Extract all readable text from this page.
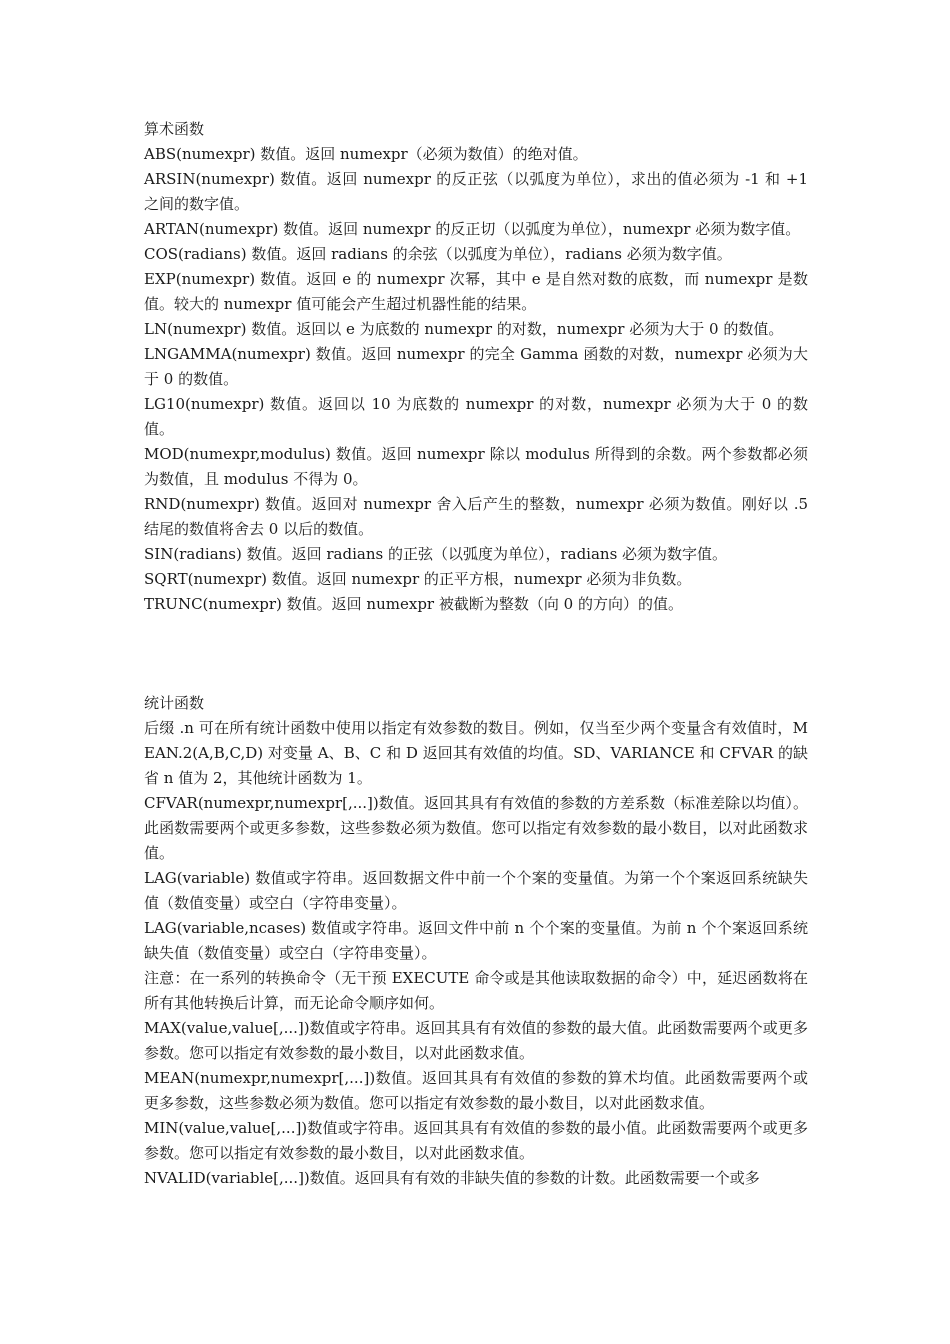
算术函数

ABS(numexpr) 数值。返回 numexpr（必须为数值）的绝对值。

ARSIN(numexpr) 数值。返回 numexpr 的反正弦（以弧度为单位），求出的值必须为 -1 和 +1 之间的数字值。

ARTAN(numexpr) 数值。返回 numexpr 的反正切（以弧度为单位），numexpr 必须为数字值。

COS(radians) 数值。返回 radians 的余弦（以弧度为单位），radians 必须为数字值。

EXP(numexpr) 数值。返回 e 的 numexpr 次幂，其中 e 是自然对数的底数，而 numexpr 是数值。较大的 numexpr 值可能会产生超过机器性能的结果。

LN(numexpr) 数值。返回以 e 为底数的 numexpr 的对数，numexpr 必须为大于 0 的数值。

LNGAMMA(numexpr) 数值。返回 numexpr 的完全 Gamma 函数的对数，numexpr 必须为大于 0 的数值。

LG10(numexpr) 数值。返回以 10 为底数的 numexpr 的对数，numexpr 必须为大于 0 的数值。

MOD(numexpr,modulus) 数值。返回 numexpr 除以 modulus 所得到的余数。两个参数都必须为数值，且 modulus 不得为 0。

RND(numexpr) 数值。返回对 numexpr 舍入后产生的整数，numexpr 必须为数值。刚好以 .5 结尾的数值将舍去 0 以后的数值。

SIN(radians) 数值。返回 radians 的正弦（以弧度为单位），radians 必须为数字值。

SQRT(numexpr) 数值。返回 numexpr 的正平方根，numexpr 必须为非负数。

TRUNC(numexpr) 数值。返回 numexpr 被截断为整数（向 0 的方向）的值。

统计函数

后缀 .n 可在所有统计函数中使用以指定有效参数的数目。例如，仅当至少两个变量含有效值时，MEAN.2(A,B,C,D) 对变量 A、B、C 和 D 返回其有效值的均值。SD、VARIANCE 和 CFVAR 的缺省 n 值为 2，其他统计函数为 1。

CFVAR(numexpr,numexpr[,...])数值。返回其具有有效值的参数的方差系数（标准差除以均值）。此函数需要两个或更多参数，这些参数必须为数值。您可以指定有效参数的最小数目，以对此函数求值。

LAG(variable) 数值或字符串。返回数据文件中前一个个案的变量值。为第一个个案返回系统缺失值（数值变量）或空白（字符串变量）。

LAG(variable,ncases) 数值或字符串。返回文件中前 n 个个案的变量值。为前 n 个个案返回系统缺失值（数值变量）或空白（字符串变量）。

注意：在一系列的转换命令（无干预 EXECUTE 命令或是其他读取数据的命令）中，延迟函数将在所有其他转换后计算，而无论命令顺序如何。

MAX(value,value[,...])数值或字符串。返回其具有有效值的参数的最大值。此函数需要两个或更多参数。您可以指定有效参数的最小数目，以对此函数求值。

MEAN(numexpr,numexpr[,...])数值。返回其具有有效值的参数的算术均值。此函数需要两个或更多参数，这些参数必须为数值。您可以指定有效参数的最小数目，以对此函数求值。

MIN(value,value[,...])数值或字符串。返回其具有有效值的参数的最小值。此函数需要两个或更多参数。您可以指定有效参数的最小数目，以对此函数求值。

NVALID(variable[,...])数值。返回具有有效的非缺失值的参数的计数。此函数需要一个或多
